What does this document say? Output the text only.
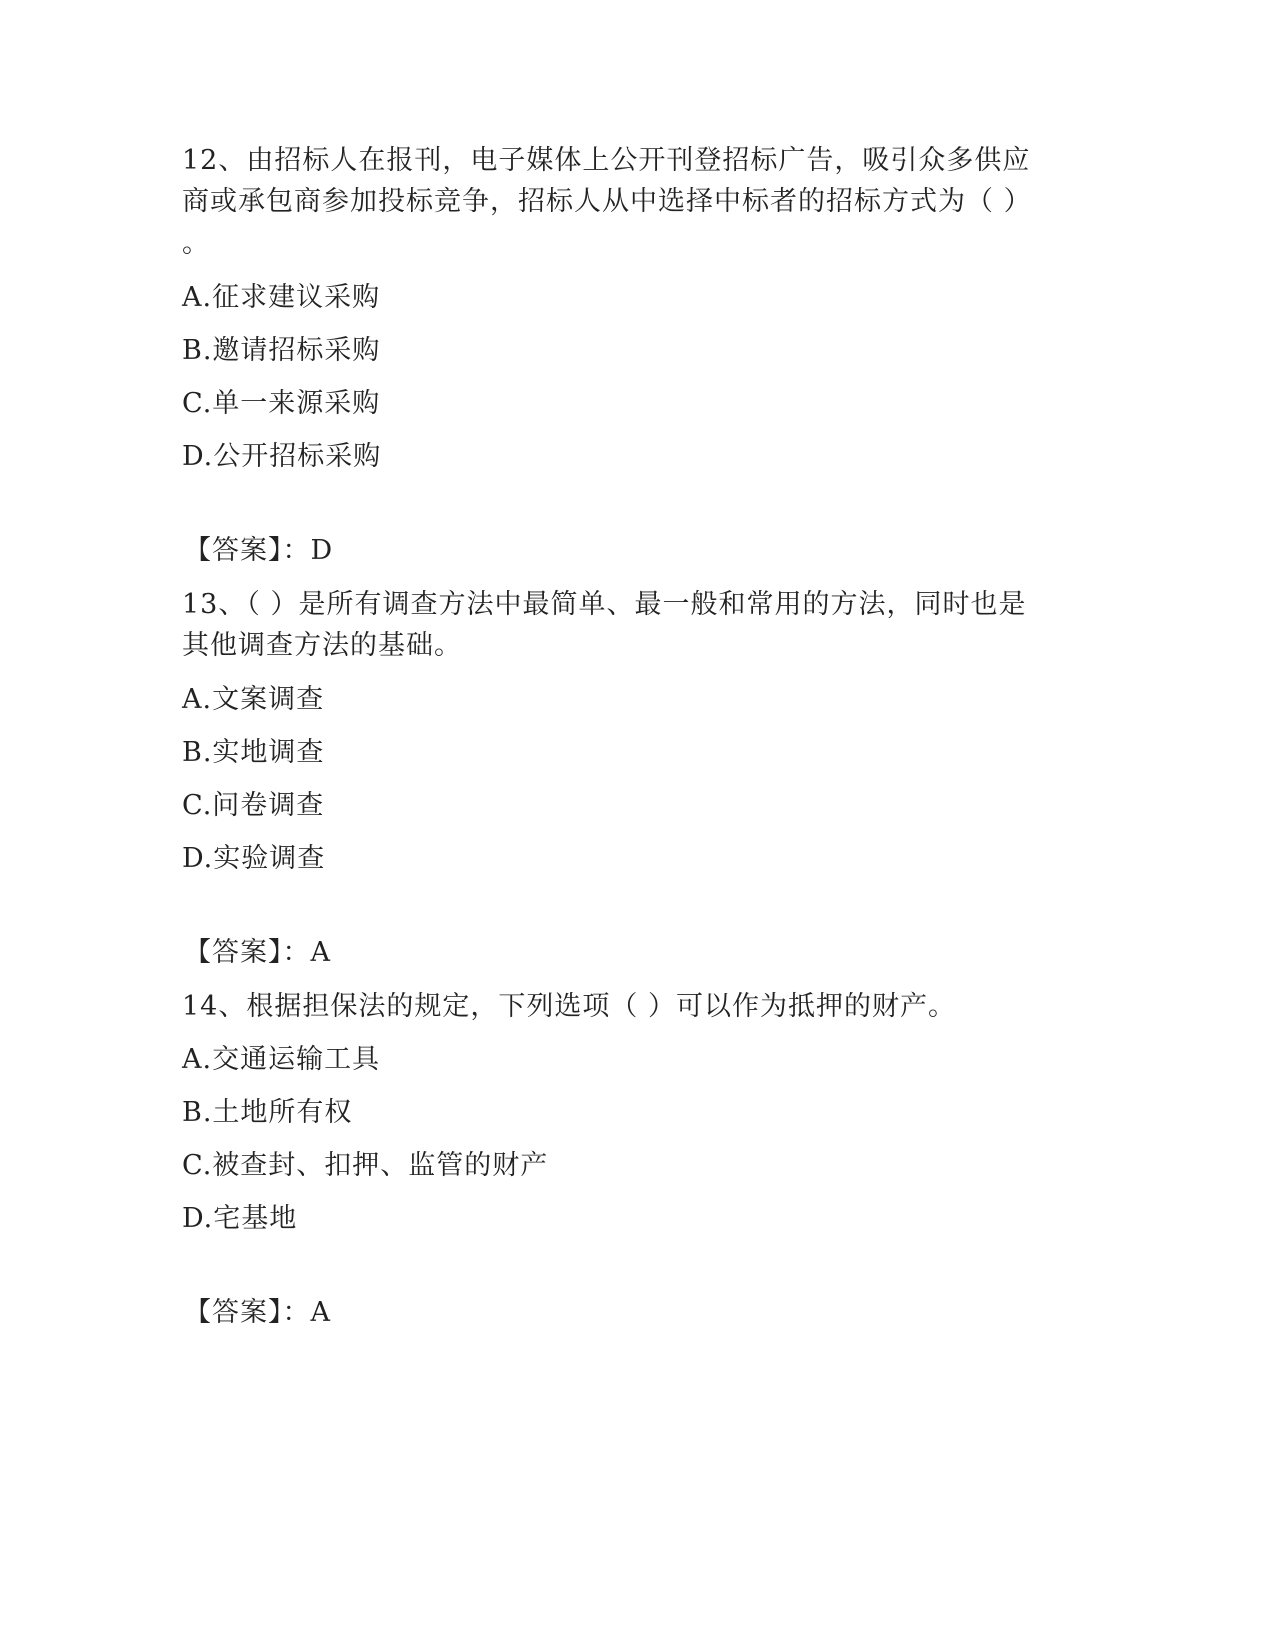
12、由招标人在报刊，电子媒体上公开刊登招标广告，吸引众多供应
商或承包商参加投标竞争，招标人从中选择中标者的招标方式为（ ）
。
A.征求建议采购
B.邀请招标采购
C.单一来源采购
D.公开招标采购
【答案】：D
13、（ ）是所有调查方法中最简单、最一般和常用的方法，同时也是
其他调查方法的基础。
A.文案调查
B.实地调查
C.问卷调查
D.实验调查
【答案】：A
14、根据担保法的规定，下列选项（ ）可以作为抵押的财产。
A.交通运输工具
B.土地所有权
C.被查封、扣押、监管的财产
D.宅基地
【答案】：A
